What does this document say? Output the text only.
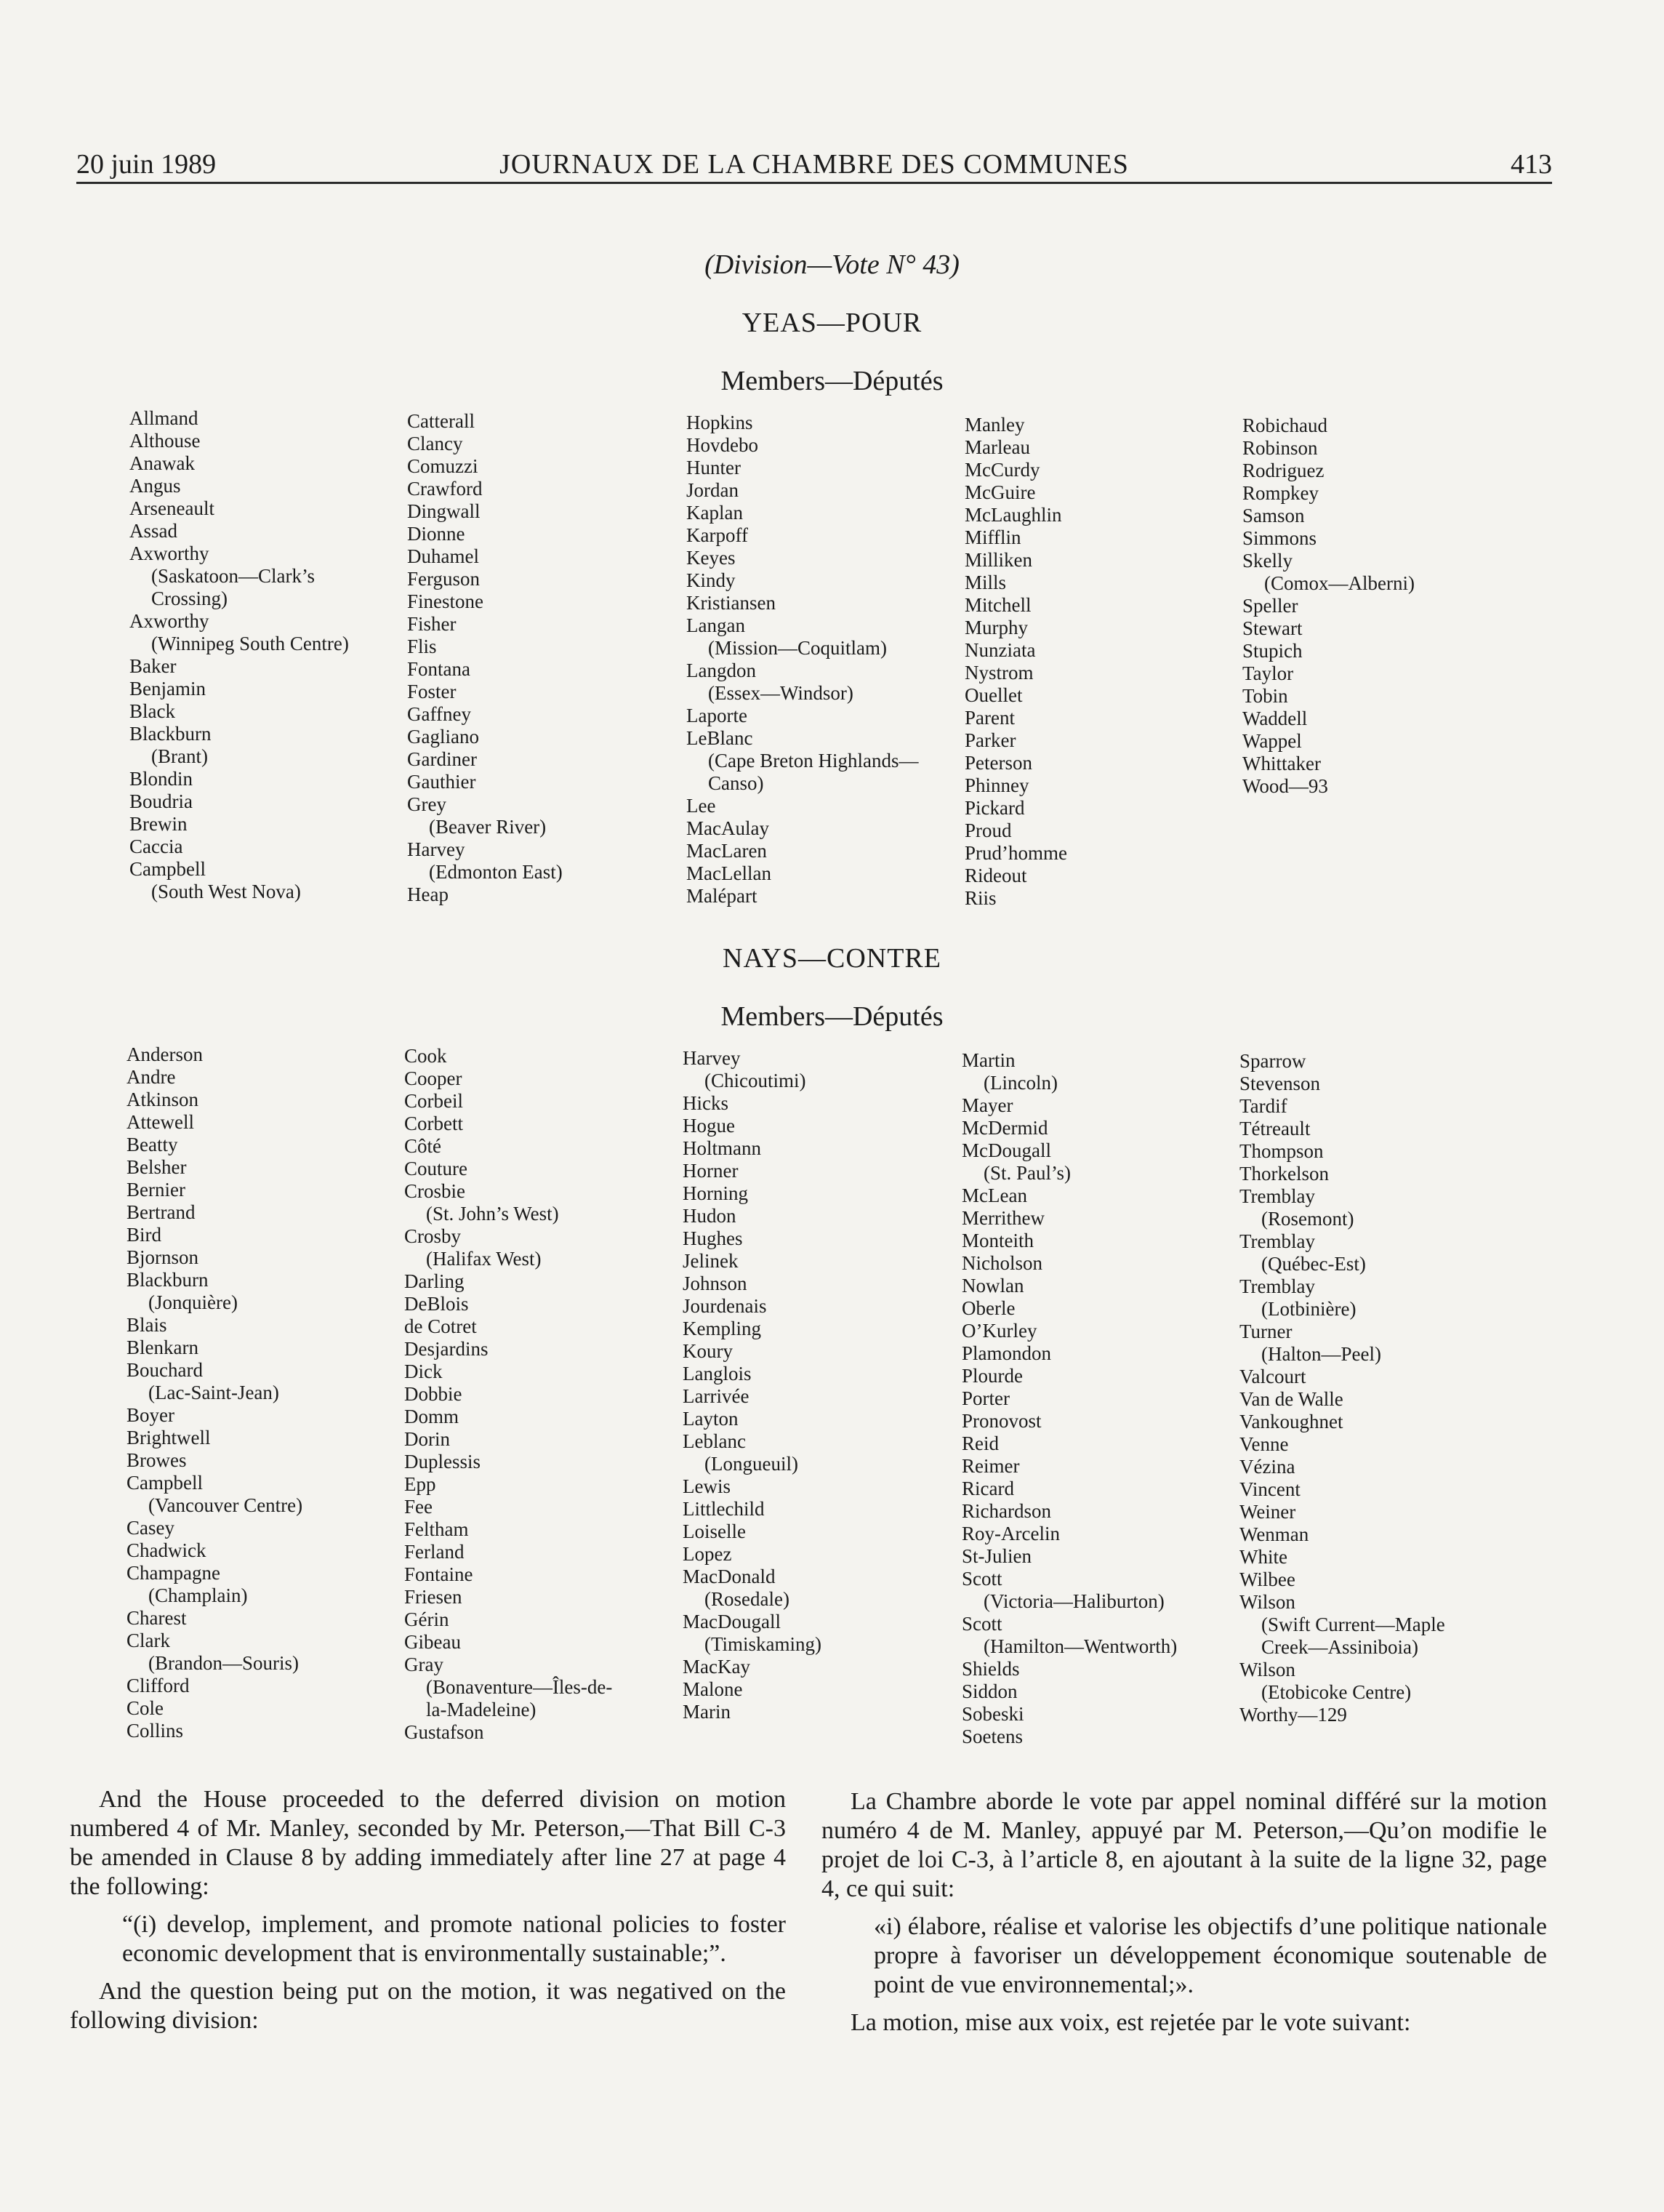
20 juin 1989	JOURNAUX DE LA CHAMBRE DES COMMUNES	413
(Division—Vote N° 43)
YEAS—POUR
Members—Députés
Allmand
Althouse
Anawak
Angus
Arseneault
Assad
Axworthy
(Saskatoon—Clark’s
Crossing)
Axworthy
(Winnipeg South Centre)
Baker
Benjamin
Black
Blackburn
(Brant)
Blondin
Boudria
Brewin
Caccia
Campbell
(South West Nova)
Catterall
Clancy
Comuzzi
Crawford
Dingwall
Dionne
Duhamel
Ferguson
Finestone
Fisher
Flis
Fontana
Foster
Gaffney
Gagliano
Gardiner
Gauthier
Grey
(Beaver River)
Harvey
(Edmonton East)
Heap
Hopkins
Hovdebo
Hunter
Jordan
Kaplan
Karpoff
Keyes
Kindy
Kristiansen
Langan
(Mission—Coquitlam)
Langdon
(Essex—Windsor)
Laporte
LeBlanc
(Cape Breton Highlands—
Canso)
Lee
MacAulay
MacLaren
MacLellan
Malépart
Manley
Marleau
McCurdy
McGuire
McLaughlin
Mifflin
Milliken
Mills
Mitchell
Murphy
Nunziata
Nystrom
Ouellet
Parent
Parker
Peterson
Phinney
Pickard
Proud
Prud’homme
Rideout
Riis
Robichaud
Robinson
Rodriguez
Rompkey
Samson
Simmons
Skelly
(Comox—Alberni)
Speller
Stewart
Stupich
Taylor
Tobin
Waddell
Wappel
Whittaker
Wood—93
NAYS—CONTRE
Members—Députés
Anderson
Andre
Atkinson
Attewell
Beatty
Belsher
Bernier
Bertrand
Bird
Bjornson
Blackburn
(Jonquière)
Blais
Blenkarn
Bouchard
(Lac-Saint-Jean)
Boyer
Brightwell
Browes
Campbell
(Vancouver Centre)
Casey
Chadwick
Champagne
(Champlain)
Charest
Clark
(Brandon—Souris)
Clifford
Cole
Collins
Cook
Cooper
Corbeil
Corbett
Côté
Couture
Crosbie
(St. John’s West)
Crosby
(Halifax West)
Darling
DeBlois
de Cotret
Desjardins
Dick
Dobbie
Domm
Dorin
Duplessis
Epp
Fee
Feltham
Ferland
Fontaine
Friesen
Gérin
Gibeau
Gray
(Bonaventure—Îles-de-
la-Madeleine)
Gustafson
Harvey
(Chicoutimi)
Hicks
Hogue
Holtmann
Horner
Horning
Hudon
Hughes
Jelinek
Johnson
Jourdenais
Kempling
Koury
Langlois
Larrivée
Layton
Leblanc
(Longueuil)
Lewis
Littlechild
Loiselle
Lopez
MacDonald
(Rosedale)
MacDougall
(Timiskaming)
MacKay
Malone
Marin
Martin
(Lincoln)
Mayer
McDermid
McDougall
(St. Paul’s)
McLean
Merrithew
Monteith
Nicholson
Nowlan
Oberle
O’Kurley
Plamondon
Plourde
Porter
Pronovost
Reid
Reimer
Ricard
Richardson
Roy-Arcelin
St-Julien
Scott
(Victoria—Haliburton)
Scott
(Hamilton—Wentworth)
Shields
Siddon
Sobeski
Soetens
Sparrow
Stevenson
Tardif
Tétreault
Thompson
Thorkelson
Tremblay
(Rosemont)
Tremblay
(Québec-Est)
Tremblay
(Lotbinière)
Turner
(Halton—Peel)
Valcourt
Van de Walle
Vankoughnet
Venne
Vézina
Vincent
Weiner
Wenman
White
Wilbee
Wilson
(Swift Current—Maple
Creek—Assiniboia)
Wilson
(Etobicoke Centre)
Worthy—129

And the House proceeded to the deferred division on motion numbered 4 of Mr. Manley, seconded by Mr. Peterson,—That Bill C-3 be amended in Clause 8 by adding immediately after line 27 at page 4 the following:

“(i) develop, implement, and promote national policies to foster economic development that is environmentally sustainable;”.

And the question being put on the motion, it was negatived on the following division:

La Chambre aborde le vote par appel nominal différé sur la motion numéro 4 de M. Manley, appuyé par M. Peterson,—Qu’on modifie le projet de loi C-3, à l’article 8, en ajoutant à la suite de la ligne 32, page 4, ce qui suit:

«i) élabore, réalise et valorise les objectifs d’une politique nationale propre à favoriser un développement économique soutenable de point de vue environnemental;».

La motion, mise aux voix, est rejetée par le vote suivant:
